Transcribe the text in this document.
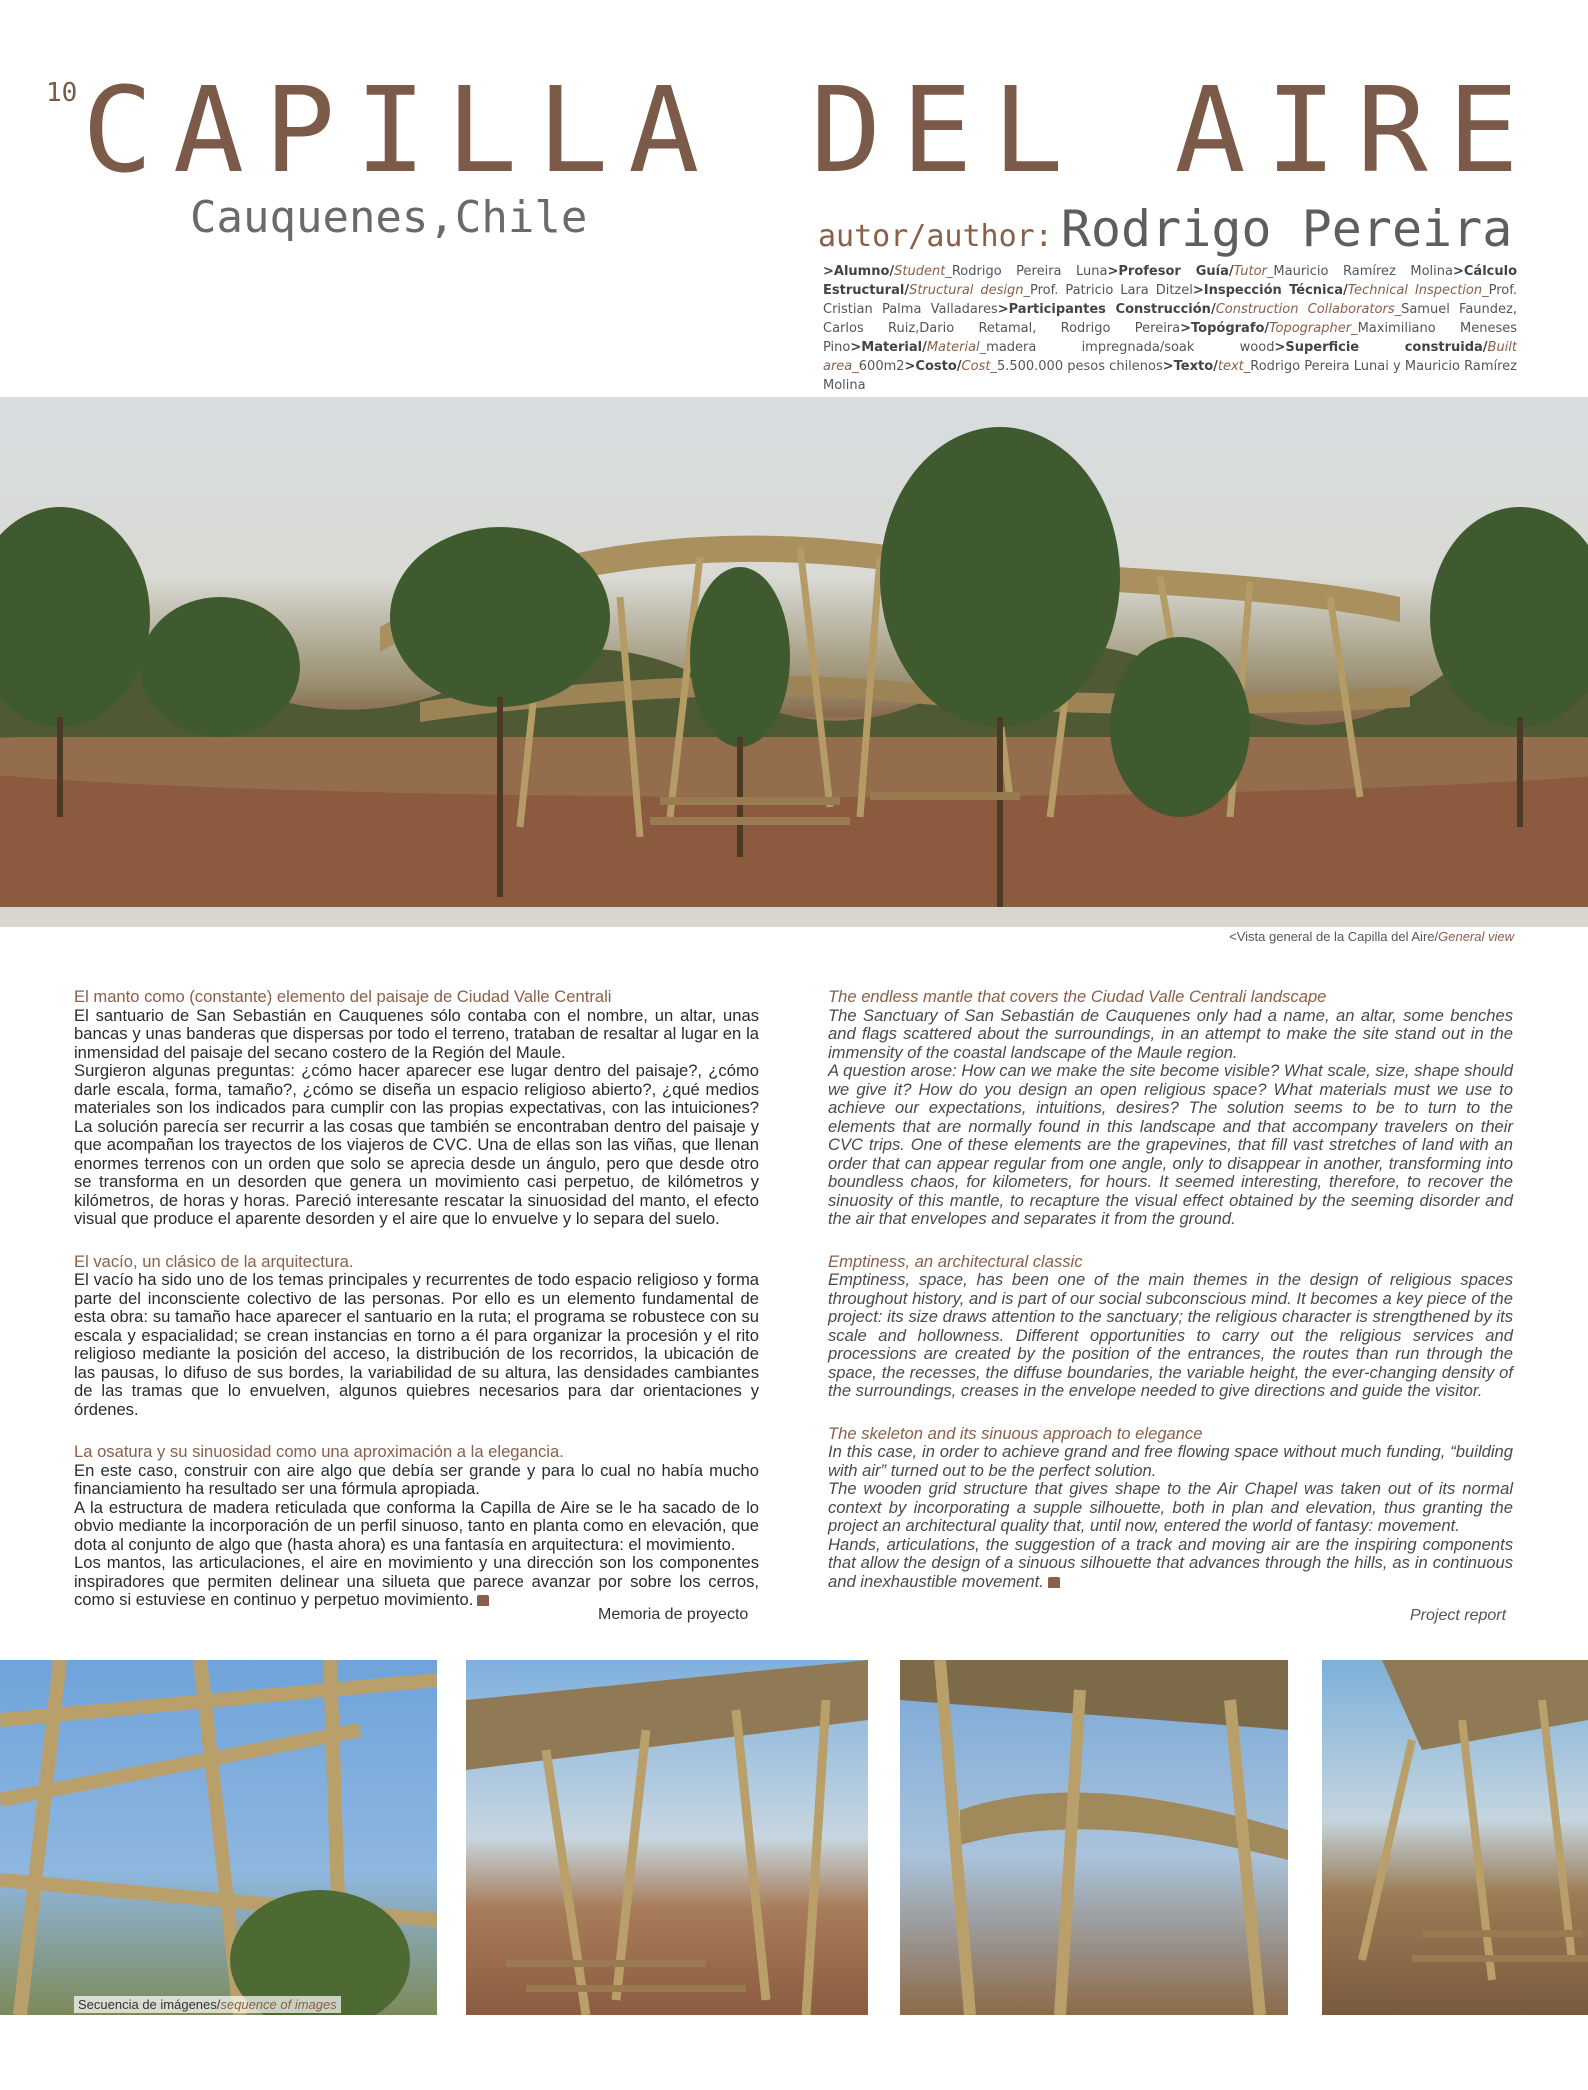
10 CAPILLA DEL AIRE
Cauquenes,Chile	autor/author: Rodrigo Pereira
>Alumno/Student_Rodrigo Pereira Luna>Profesor Guía/Tutor_Mauricio Ramírez Molina>Cálculo Estructural/Structural design_Prof. Patricio Lara Ditzel>Inspección Técnica/Technical Inspection_Prof. Cristian Palma Valladares>Participantes Construcción/Construction Collaborators_Samuel Faundez, Carlos Ruiz,Dario Retamal, Rodrigo Pereira>Topógrafo/Topographer_Maximiliano Meneses Pino>Material/Material_madera impregnada/soak wood>Superficie construida/Built area_600m2>Costo/Cost_5.500.000 pesos chilenos>Texto/text_Rodrigo Pereira Lunai y Mauricio Ramírez Molina
<Vista general de la Capilla del Aire/General view
El manto como (constante) elemento del paisaje de Ciudad Valle Centrali

El santuario de San Sebastián en Cauquenes sólo contaba con el nombre, un altar, unas bancas y unas banderas que dispersas por todo el terreno, trataban de resaltar al lugar en la inmensidad del paisaje del secano costero de la Región del Maule.
Surgieron algunas preguntas: ¿cómo hacer aparecer ese lugar dentro del paisaje?, ¿cómo darle escala, forma, tamaño?, ¿cómo se diseña un espacio religioso abierto?, ¿qué medios materiales son los indicados para cumplir con las propias expectativas, con las intuiciones? La solución parecía ser recurrir a las cosas que también se encontraban dentro del paisaje y que acompañan los trayectos de los viajeros de CVC. Una de ellas son las viñas, que llenan enormes terrenos con un orden que solo se aprecia desde un ángulo, pero que desde otro se transforma en un desorden que genera un movimiento casi perpetuo, de kilómetros y kilómetros, de horas y horas. Pareció interesante rescatar la sinuosidad del manto, el efecto visual que produce el aparente desorden y el aire que lo envuelve y lo separa del suelo.

El vacío, un clásico de la arquitectura.

El vacío ha sido uno de los temas principales y recurrentes de todo espacio religioso y forma parte del inconsciente colectivo de las personas. Por ello es un elemento fundamental de esta obra: su tamaño hace aparecer el santuario en la ruta; el programa se robustece con su escala y espacialidad; se crean instancias en torno a él para organizar la procesión y el rito religioso mediante la posición del acceso, la distribución de los recorridos, la ubicación de las pausas, lo difuso de sus bordes, la variabilidad de su altura, las densidades cambiantes de las tramas que lo envuelven, algunos quiebres necesarios para dar orientaciones y órdenes.

La osatura y su sinuosidad como una aproximación a la elegancia.

En este caso, construir con aire algo que debía ser grande y para lo cual no había mucho financiamiento ha resultado ser una fórmula apropiada.
A la estructura de madera reticulada que conforma la Capilla de Aire se le ha sacado de lo obvio mediante la incorporación de un perfil sinuoso, tanto en planta como en elevación, que dota al conjunto de algo que (hasta ahora) es una fantasía en arquitectura: el movimiento.
Los mantos, las articulaciones, el aire en movimiento y una dirección son los componentes inspiradores que permiten delinear una silueta que parece avanzar por sobre los cerros, como si estuviese en continuo y perpetuo movimiento.

The endless mantle that covers the Ciudad Valle Centrali landscape

The Sanctuary of San Sebastián de Cauquenes only had a name, an altar, some benches and flags scattered about the surroundings, in an attempt to make the site stand out in the immensity of the coastal landscape of the Maule region.
A question arose: How can we make the site become visible? What scale, size, shape should we give it? How do you design an open religious space? What materials must we use to achieve our expectations, intuitions, desires? The solution seems to be to turn to the elements that are normally found in this landscape and that accompany travelers on their CVC trips. One of these elements are the grapevines, that fill vast stretches of land with an order that can appear regular from one angle, only to disappear in another, transforming into boundless chaos, for kilometers, for hours. It seemed interesting, therefore, to recover the sinuosity of this mantle, to recapture the visual effect obtained by the seeming disorder and the air that envelopes and separates it from the ground.

Emptiness, an architectural classic

Emptiness, space, has been one of the main themes in the design of religious spaces throughout history, and is part of our social subconscious mind. It becomes a key piece of the project: its size draws attention to the sanctuary; the religious character is strengthened by its scale and hollowness. Different opportunities to carry out the religious services and processions are created by the position of the entrances, the routes than run through the space, the recesses, the diffuse boundaries, the variable height, the ever-changing density of the surroundings, creases in the envelope needed to give directions and guide the visitor.

The skeleton and its sinuous approach to elegance

In this case, in order to achieve grand and free flowing space without much funding, “building with air” turned out to be the perfect solution.
The wooden grid structure that gives shape to the Air Chapel was taken out of its normal context by incorporating a supple silhouette, both in plan and elevation, thus granting the project an architectural quality that, until now, entered the world of fantasy: movement.
Hands, articulations, the suggestion of a track and moving air are the inspiring components that allow the design of a sinuous silhouette that advances through the hills, as in continuous and inexhaustible movement.

Memoria de proyecto	Project report
Secuencia de imágenes/sequence of images
